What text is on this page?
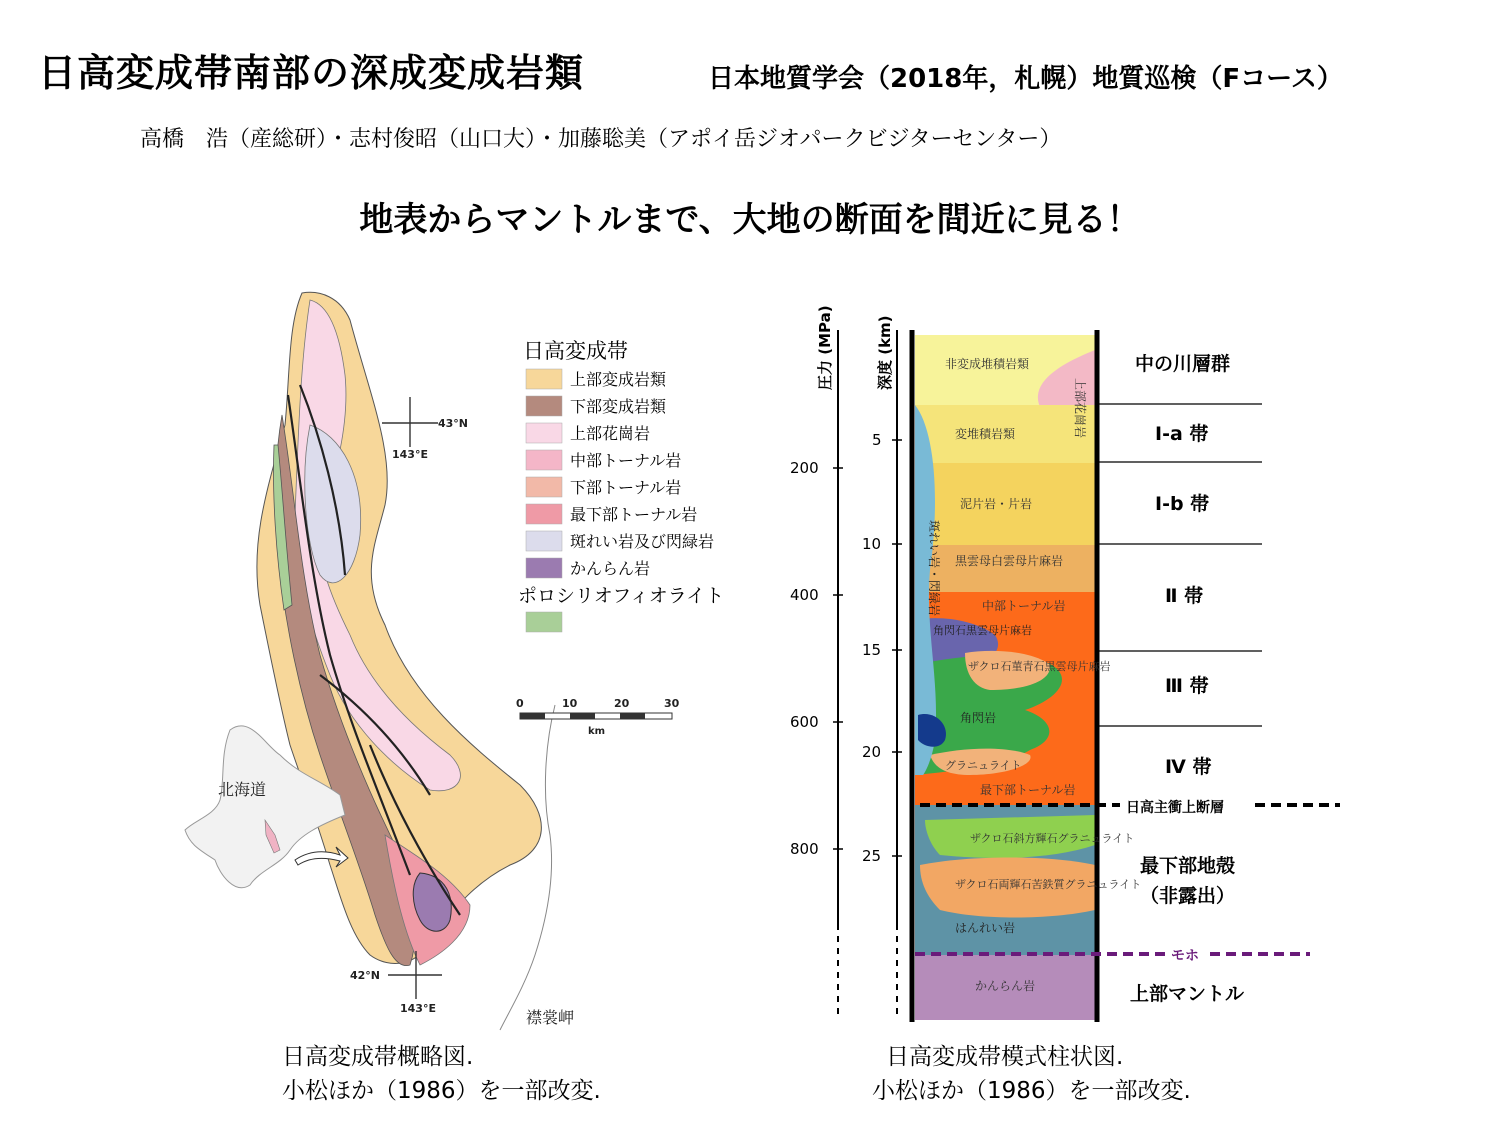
日高変成帯南部の深成変成岩類	日本地質学会（2018年，札幌）地質巡検（Fコース）
高橋　浩（産総研）・志村俊昭（山口大）・加藤聡美（アポイ岳ジオパークビジターセンター）
地表からマントルまで、大地の断面を間近に見る！
北海道
日高変成帯
上部変成岩類
下部変成岩類
上部花崗岩
中部トーナル岩
下部トーナル岩
最下部トーナル岩
斑れい岩及び閃緑岩
かんらん岩
ポロシリオフィオライト
43°N
143°E
42°N
143°E
0	10	20	30
km
襟裳岬
圧力 (MPa)	深度 (km)
200
400
600
800
5
10
15
20
25
非変成堆積岩類
上部花崗岩
変堆積岩類
泥片岩・片岩
黒雲母白雲母片麻岩
斑れい岩・閃緑岩	中部トーナル岩
角閃石黒雲母片麻岩
ザクロ石菫青石黒雲母片麻岩
角閃岩
グラニュライト
最下部トーナル岩
ザクロ石斜方輝石グラニュライト
ザクロ石両輝石苦鉄質グラニュライト
はんれい岩
かんらん岩
日高主衝上断層
モホ
中の川層群
Ⅰ-a 帯
Ⅰ-b 帯
Ⅱ 帯
Ⅲ 帯
Ⅳ 帯
最下部地殻
（非露出）
上部マントル
日高変成帯概略図.
小松ほか（1986）を一部改変.
日高変成帯模式柱状図.
小松ほか（1986）を一部改変.
